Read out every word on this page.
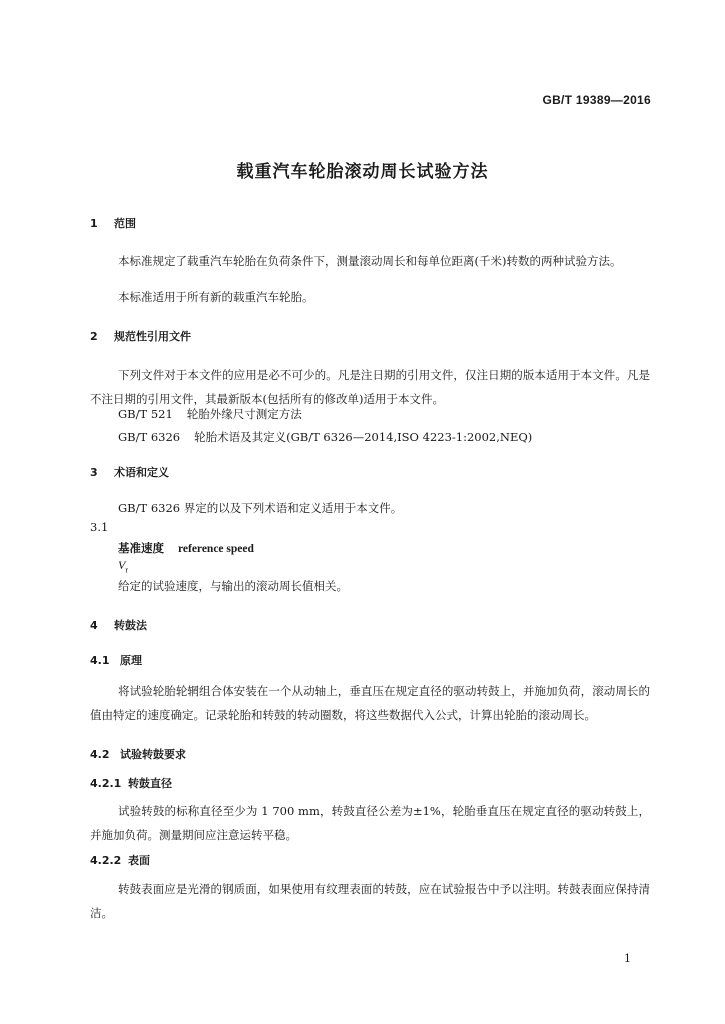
GB/T 19389—2016
载重汽车轮胎滚动周长试验方法
1 范围
本标准规定了载重汽车轮胎在负荷条件下，测量滚动周长和每单位距离(千米)转数的两种试验方法。
本标准适用于所有新的载重汽车轮胎。
2 规范性引用文件
下列文件对于本文件的应用是必不可少的。凡是注日期的引用文件，仅注日期的版本适用于本文件。凡是不注日期的引用文件，其最新版本(包括所有的修改单)适用于本文件。
GB/T 521 轮胎外缘尺寸测定方法
GB/T 6326 轮胎术语及其定义(GB/T 6326—2014,ISO 4223-1:2002,NEQ)
3 术语和定义
GB/T 6326 界定的以及下列术语和定义适用于本文件。
3.1
基准速度 reference speed
$V_r$
给定的试验速度，与输出的滚动周长值相关。
4 转鼓法
4.1 原理
将试验轮胎轮辋组合体安装在一个从动轴上，垂直压在规定直径的驱动转鼓上，并施加负荷，滚动周长的值由特定的速度确定。记录轮胎和转鼓的转动圈数，将这些数据代入公式，计算出轮胎的滚动周长。
4.2 试验转鼓要求
4.2.1 转鼓直径
试验转鼓的标称直径至少为 1 700 mm，转鼓直径公差为±1%，轮胎垂直压在规定直径的驱动转鼓上，并施加负荷。测量期间应注意运转平稳。
4.2.2 表面
转鼓表面应是光滑的钢质面，如果使用有纹理表面的转鼓，应在试验报告中予以注明。转鼓表面应保持清洁。
1
